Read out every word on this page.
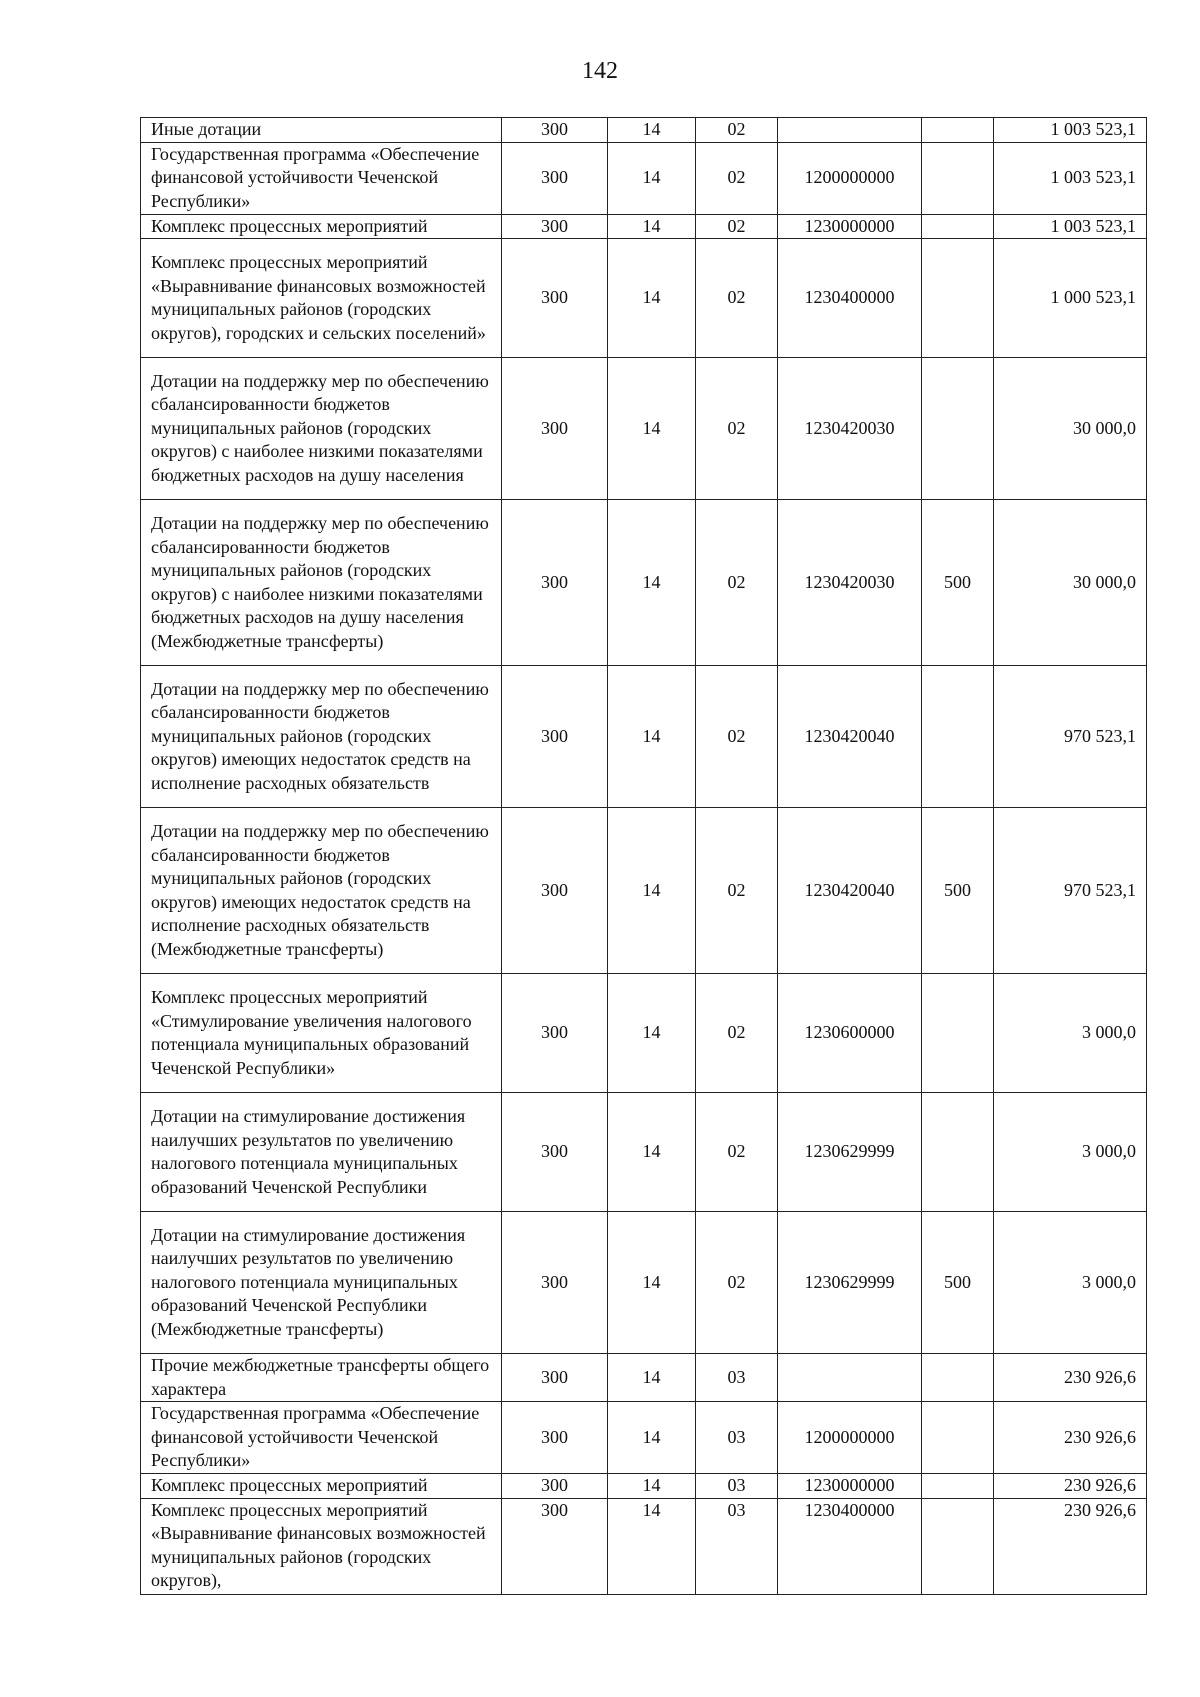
142
Иные дотации	300	14	02			1 003 523,1
Государственная программа «Обеспечение финансовой устойчивости Чеченской Республики»	300	14	02	1200000000		1 003 523,1
Комплекс процессных мероприятий	300	14	02	1230000000		1 003 523,1
Комплекс процессных мероприятий «Выравнивание финансовых возможностей муниципальных районов (городских округов), городских и сельских поселений»	300	14	02	1230400000		1 000 523,1
Дотации на поддержку мер по обеспечению сбалансированности бюджетов муниципальных районов (городских округов) с наиболее низкими показателями бюджетных расходов на душу населения	300	14	02	1230420030		30 000,0
Дотации на поддержку мер по обеспечению сбалансированности бюджетов муниципальных районов (городских округов) с наиболее низкими показателями бюджетных расходов на душу населения (Межбюджетные трансферты)	300	14	02	1230420030	500	30 000,0
Дотации на поддержку мер по обеспечению сбалансированности бюджетов муниципальных районов (городских округов) имеющих недостаток средств на исполнение расходных обязательств	300	14	02	1230420040		970 523,1
Дотации на поддержку мер по обеспечению сбалансированности бюджетов муниципальных районов (городских округов) имеющих недостаток средств на исполнение расходных обязательств (Межбюджетные трансферты)	300	14	02	1230420040	500	970 523,1
Комплекс процессных мероприятий «Стимулирование увеличения налогового потенциала муниципальных образований Чеченской Республики»	300	14	02	1230600000		3 000,0
Дотации на стимулирование достижения наилучших результатов по увеличению налогового потенциала муниципальных образований Чеченской Республики	300	14	02	1230629999		3 000,0
Дотации на стимулирование достижения наилучших результатов по увеличению налогового потенциала муниципальных образований Чеченской Республики (Межбюджетные трансферты)	300	14	02	1230629999	500	3 000,0
Прочие межбюджетные трансферты общего характера	300	14	03			230 926,6
Государственная программа «Обеспечение финансовой устойчивости Чеченской Республики»	300	14	03	1200000000		230 926,6
Комплекс процессных мероприятий	300	14	03	1230000000		230 926,6
Комплекс процессных мероприятий «Выравнивание финансовых возможностей муниципальных районов (городских округов),	300	14	03	1230400000		230 926,6
